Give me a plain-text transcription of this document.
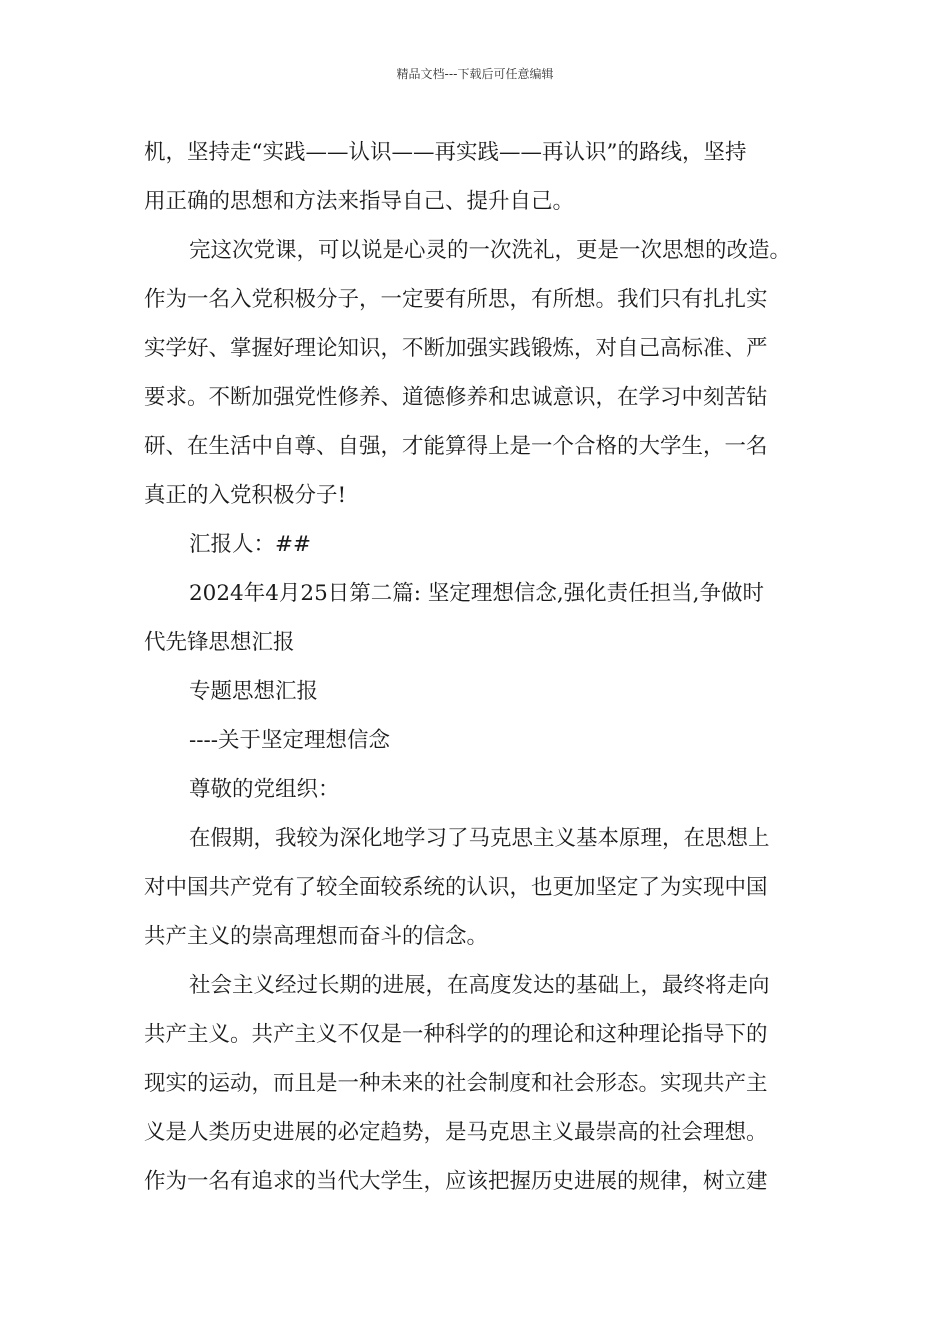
精品文档---下载后可任意编辑
机，坚持走“实践——认识——再实践——再认识”的路线，坚持
用正确的思想和方法来指导自己、提升自己。
完这次党课，可以说是心灵的一次洗礼，更是一次思想的改造。
作为一名入党积极分子，一定要有所思，有所想。我们只有扎扎实
实学好、掌握好理论知识，不断加强实践锻炼，对自己高标准、严
要求。不断加强党性修养、道德修养和忠诚意识，在学习中刻苦钻
研、在生活中自尊、自强，才能算得上是一个合格的大学生，一名
真正的入党积极分子!
汇报人：##
2024年4月25日第二篇: 坚定理想信念,强化责任担当,争做时
代先锋思想汇报
专题思想汇报
----关于坚定理想信念
尊敬的党组织：
在假期，我较为深化地学习了马克思主义基本原理，在思想上
对中国共产党有了较全面较系统的认识，也更加坚定了为实现中国
共产主义的崇高理想而奋斗的信念。
社会主义经过长期的进展，在高度发达的基础上，最终将走向
共产主义。共产主义不仅是一种科学的的理论和这种理论指导下的
现实的运动，而且是一种未来的社会制度和社会形态。实现共产主
义是人类历史进展的必定趋势，是马克思主义最崇高的社会理想。
作为一名有追求的当代大学生，应该把握历史进展的规律，树立建
